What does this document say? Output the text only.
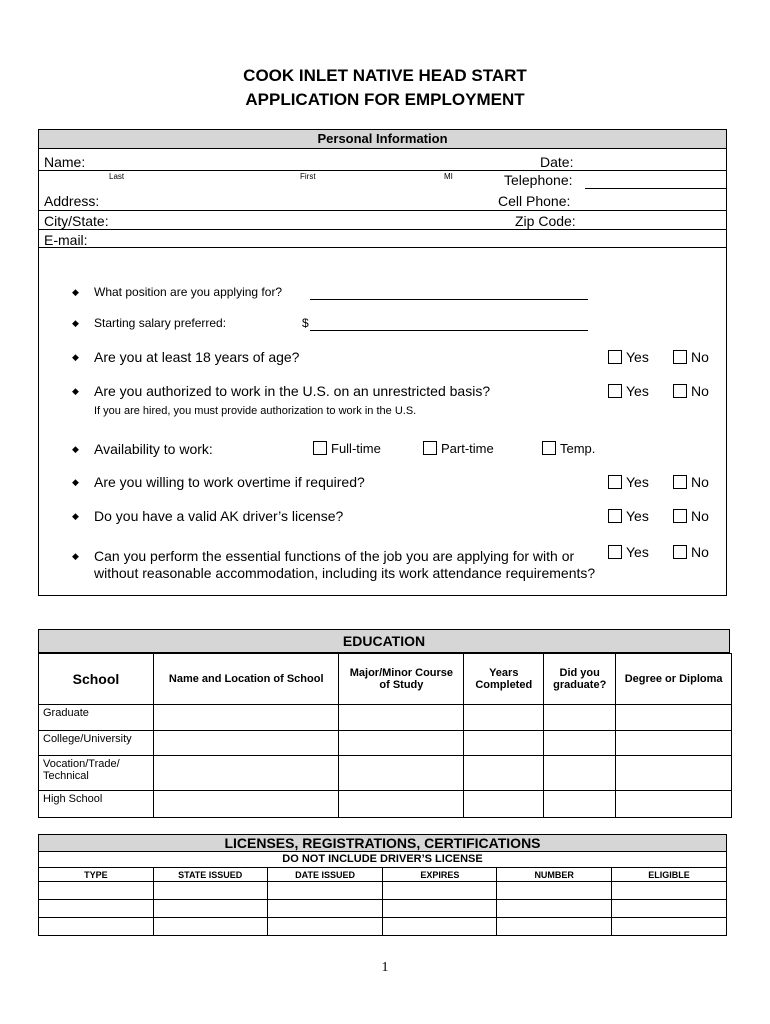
COOK INLET NATIVE HEAD START
APPLICATION FOR EMPLOYMENT
Personal Information
Name:	Date:
Last	First	MI	Telephone:
Address:	Cell Phone:
City/State:	Zip Code:
E-mail:
◆ What position are you applying for?
◆ Starting salary preferred:	$
◆ Are you at least 18 years of age?	Yes	No
◆ Are you authorized to work in the U.S. on an unrestricted basis?	Yes	No
If you are hired, you must provide authorization to work in the U.S.
◆ Availability to work:	Full-time	Part-time	Temp.
◆ Are you willing to work overtime if required?	Yes	No
◆ Do you have a valid AK driver’s license?	Yes	No
◆ Can you perform the essential functions of the job you are applying for with or
without reasonable accommodation, including its work attendance requirements?
Yes	No
EDUCATION
School	Name and Location of School	Major/Minor Course of Study	Years Completed	Did you graduate?	Degree or Diploma
Graduate					
College/University					
Vocation/Trade/ Technical					
High School					
LICENSES, REGISTRATIONS, CERTIFICATIONS
DO NOT INCLUDE DRIVER’S LICENSE
TYPE	STATE ISSUED	DATE ISSUED	EXPIRES	NUMBER	ELIGIBLE

1
